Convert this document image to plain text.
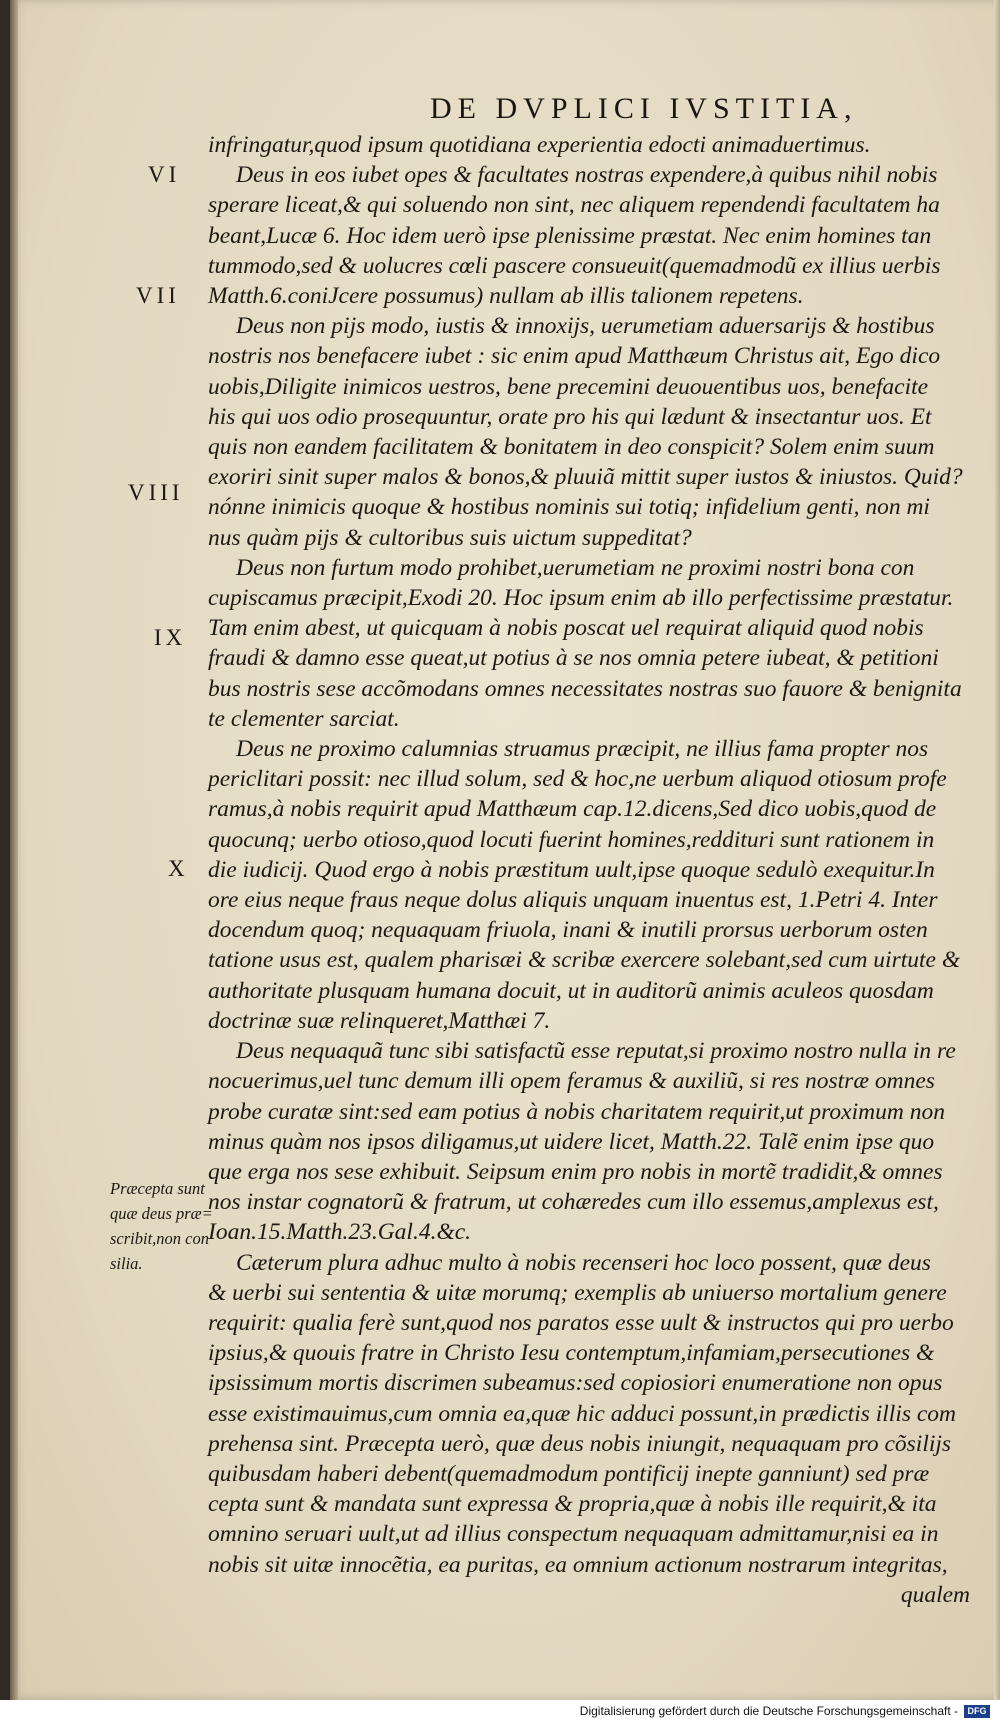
DE DVPLICI IVSTITIA,
VI
VII
VIII
IX
X
Præcepta sunt
quæ deus præ=
scribit,non con
silia.
infringatur,quod ipsum quotidiana experientia edocti animaduertimus.
Deus in eos iubet opes & facultates nostras expendere,à quibus nihil nobis
sperare liceat,& qui soluendo non sint, nec aliquem rependendi facultatem ha
beant,Lucæ 6. Hoc idem uerò ipse plenissime præstat. Nec enim homines tan
tummodo,sed & uolucres cœli pascere consueuit(quemadmodũ ex illius uerbis
Matth.6.coniJcere possumus) nullam ab illis talionem repetens.
Deus non pijs modo, iustis & innoxijs, uerumetiam aduersarijs & hostibus
nostris nos benefacere iubet : sic enim apud Matthæum Christus ait, Ego dico
uobis,Diligite inimicos uestros, bene precemini deuouentibus uos, benefacite
his qui uos odio prosequuntur, orate pro his qui lædunt & insectantur uos. Et
quis non eandem facilitatem & bonitatem in deo conspicit? Solem enim suum
exoriri sinit super malos & bonos,& pluuiã mittit super iustos & iniustos. Quid?
nónne inimicis quoque & hostibus nominis sui totiq; infidelium genti, non mi
nus quàm pijs & cultoribus suis uictum suppeditat?
Deus non furtum modo prohibet,uerumetiam ne proximi nostri bona con
cupiscamus præcipit,Exodi 20. Hoc ipsum enim ab illo perfectissime præstatur.
Tam enim abest, ut quicquam à nobis poscat uel requirat aliquid quod nobis
fraudi & damno esse queat,ut potius à se nos omnia petere iubeat, & petitioni
bus nostris sese accõmodans omnes necessitates nostras suo fauore & benignita
te clementer sarciat.
Deus ne proximo calumnias struamus præcipit, ne illius fama propter nos
periclitari possit: nec illud solum, sed & hoc,ne uerbum aliquod otiosum profe
ramus,à nobis requirit apud Matthæum cap.12.dicens,Sed dico uobis,quod de
quocunq; uerbo otioso,quod locuti fuerint homines,reddituri sunt rationem in
die iudicij. Quod ergo à nobis præstitum uult,ipse quoque sedulò exequitur.In
ore eius neque fraus neque dolus aliquis unquam inuentus est, 1.Petri 4. Inter
docendum quoq; nequaquam friuola, inani & inutili prorsus uerborum osten
tatione usus est, qualem pharisæi & scribæ exercere solebant,sed cum uirtute &
authoritate plusquam humana docuit, ut in auditorũ animis aculeos quosdam
doctrinæ suæ relinqueret,Matthæi 7.
Deus nequaquã tunc sibi satisfactũ esse reputat,si proximo nostro nulla in re
nocuerimus,uel tunc demum illi opem feramus & auxiliũ, si res nostræ omnes
probe curatæ sint:sed eam potius à nobis charitatem requirit,ut proximum non
minus quàm nos ipsos diligamus,ut uidere licet, Matth.22. Talẽ enim ipse quo
que erga nos sese exhibuit. Seipsum enim pro nobis in mortẽ tradidit,& omnes
nos instar cognatorũ & fratrum, ut cohæredes cum illo essemus,amplexus est,
Ioan.15.Matth.23.Gal.4.&c.
Cæterum plura adhuc multo à nobis recenseri hoc loco possent, quæ deus
& uerbi sui sententia & uitæ morumq; exemplis ab uniuerso mortalium genere
requirit: qualia ferè sunt,quod nos paratos esse uult & instructos qui pro uerbo
ipsius,& quouis fratre in Christo Iesu contemptum,infamiam,persecutiones &
ipsissimum mortis discrimen subeamus:sed copiosiori enumeratione non opus
esse existimauimus,cum omnia ea,quæ hic adduci possunt,in prædictis illis com
prehensa sint. Præcepta uerò, quæ deus nobis iniungit, nequaquam pro cõsilijs
quibusdam haberi debent(quemadmodum pontificij inepte ganniunt) sed præ
cepta sunt & mandata sunt expressa & propria,quæ à nobis ille requirit,& ita
omnino seruari uult,ut ad illius conspectum nequaquam admittamur,nisi ea in
nobis sit uitæ innocẽtia, ea puritas, ea omnium actionum nostrarum integritas,
qualem
Digitalisierung gefördert durch die Deutsche Forschungsgemeinschaft -	DFG
